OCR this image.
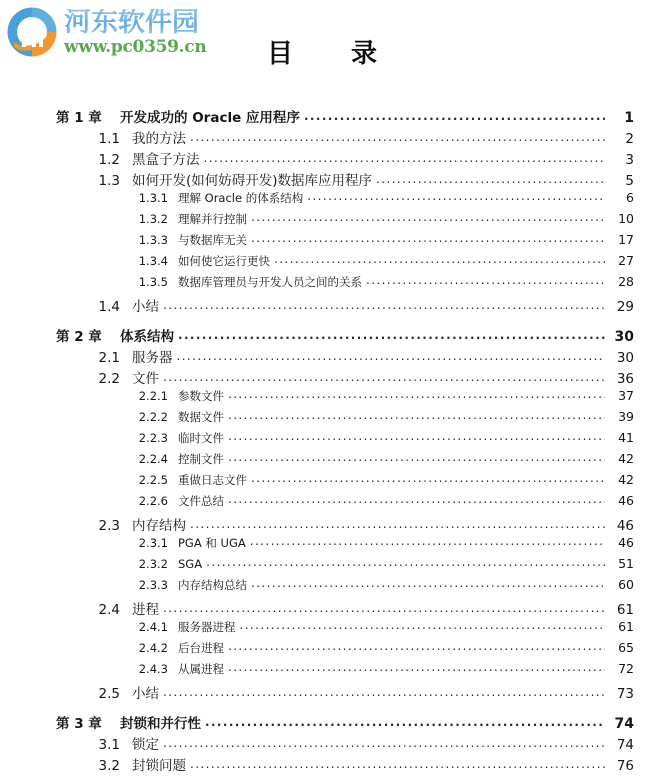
河东软件园
www.pc0359.cn	目　　录
第 1 章	开发成功的 Oracle 应用程序 .....	1
1.1 我的方法 .....	2
1.2 黑盒子方法 .....	3
1.3 如何开发(如何妨碍开发)数据库应用程序 .....	5
1.3.1 理解 Oracle 的体系结构 .....	6
1.3.2 理解并行控制 .....	10
1.3.3 与数据库无关 .....	17
1.3.4 如何使它运行更快 .....	27
1.3.5 数据库管理员与开发人员之间的关系 .....	28
1.4 小结 .....	29
第 2 章	体系结构 .....	30
2.1 服务器 .....	30
2.2 文件 .....	36
2.2.1 参数文件 .....	37
2.2.2 数据文件 .....	39
2.2.3 临时文件 .....	41
2.2.4 控制文件 .....	42
2.2.5 重做日志文件 .....	42
2.2.6 文件总结 .....	46
2.3 内存结构 .....	46
2.3.1 PGA 和 UGA .....	46
2.3.2 SGA .....	51
2.3.3 内存结构总结 .....	60
2.4 进程 .....	61
2.4.1 服务器进程 .....	61
2.4.2 后台进程 .....	65
2.4.3 从属进程 .....	72
2.5 小结 .....	73
第 3 章	封锁和并行性 .....	74
3.1 锁定 .....	74
3.2 封锁问题 .....	76
